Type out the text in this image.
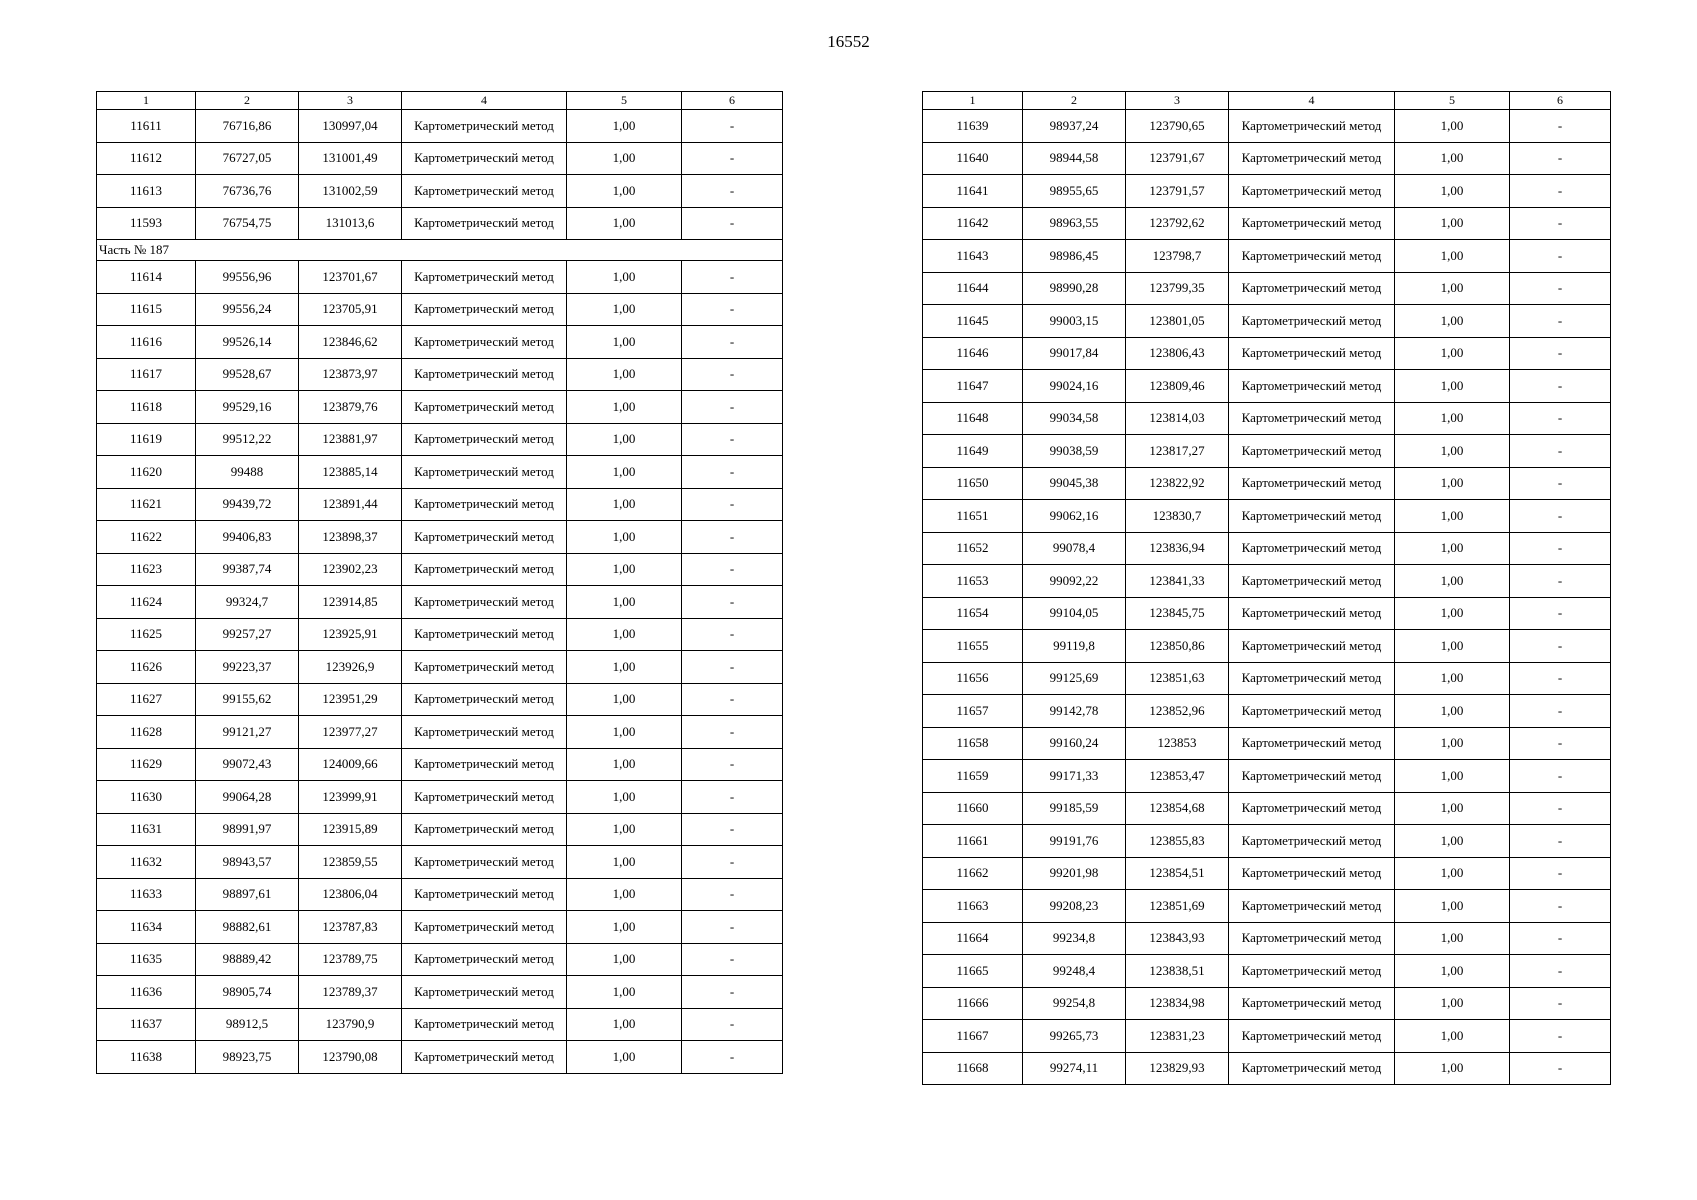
16552
1	2	3	4	5	6
11611	76716,86	130997,04	Картометрический метод	1,00	-
11612	76727,05	131001,49	Картометрический метод	1,00	-
11613	76736,76	131002,59	Картометрический метод	1,00	-
11593	76754,75	131013,6	Картометрический метод	1,00	-
Часть № 187					
11614	99556,96	123701,67	Картометрический метод	1,00	-
11615	99556,24	123705,91	Картометрический метод	1,00	-
11616	99526,14	123846,62	Картометрический метод	1,00	-
11617	99528,67	123873,97	Картометрический метод	1,00	-
11618	99529,16	123879,76	Картометрический метод	1,00	-
11619	99512,22	123881,97	Картометрический метод	1,00	-
11620	99488	123885,14	Картометрический метод	1,00	-
11621	99439,72	123891,44	Картометрический метод	1,00	-
11622	99406,83	123898,37	Картометрический метод	1,00	-
11623	99387,74	123902,23	Картометрический метод	1,00	-
11624	99324,7	123914,85	Картометрический метод	1,00	-
11625	99257,27	123925,91	Картометрический метод	1,00	-
11626	99223,37	123926,9	Картометрический метод	1,00	-
11627	99155,62	123951,29	Картометрический метод	1,00	-
11628	99121,27	123977,27	Картометрический метод	1,00	-
11629	99072,43	124009,66	Картометрический метод	1,00	-
11630	99064,28	123999,91	Картометрический метод	1,00	-
11631	98991,97	123915,89	Картометрический метод	1,00	-
11632	98943,57	123859,55	Картометрический метод	1,00	-
11633	98897,61	123806,04	Картометрический метод	1,00	-
11634	98882,61	123787,83	Картометрический метод	1,00	-
11635	98889,42	123789,75	Картометрический метод	1,00	-
11636	98905,74	123789,37	Картометрический метод	1,00	-
11637	98912,5	123790,9	Картометрический метод	1,00	-
11638	98923,75	123790,08	Картометрический метод	1,00	-
1	2	3	4	5	6
11639	98937,24	123790,65	Картометрический метод	1,00	-
11640	98944,58	123791,67	Картометрический метод	1,00	-
11641	98955,65	123791,57	Картометрический метод	1,00	-
11642	98963,55	123792,62	Картометрический метод	1,00	-
11643	98986,45	123798,7	Картометрический метод	1,00	-
11644	98990,28	123799,35	Картометрический метод	1,00	-
11645	99003,15	123801,05	Картометрический метод	1,00	-
11646	99017,84	123806,43	Картометрический метод	1,00	-
11647	99024,16	123809,46	Картометрический метод	1,00	-
11648	99034,58	123814,03	Картометрический метод	1,00	-
11649	99038,59	123817,27	Картометрический метод	1,00	-
11650	99045,38	123822,92	Картометрический метод	1,00	-
11651	99062,16	123830,7	Картометрический метод	1,00	-
11652	99078,4	123836,94	Картометрический метод	1,00	-
11653	99092,22	123841,33	Картометрический метод	1,00	-
11654	99104,05	123845,75	Картометрический метод	1,00	-
11655	99119,8	123850,86	Картометрический метод	1,00	-
11656	99125,69	123851,63	Картометрический метод	1,00	-
11657	99142,78	123852,96	Картометрический метод	1,00	-
11658	99160,24	123853	Картометрический метод	1,00	-
11659	99171,33	123853,47	Картометрический метод	1,00	-
11660	99185,59	123854,68	Картометрический метод	1,00	-
11661	99191,76	123855,83	Картометрический метод	1,00	-
11662	99201,98	123854,51	Картометрический метод	1,00	-
11663	99208,23	123851,69	Картометрический метод	1,00	-
11664	99234,8	123843,93	Картометрический метод	1,00	-
11665	99248,4	123838,51	Картометрический метод	1,00	-
11666	99254,8	123834,98	Картометрический метод	1,00	-
11667	99265,73	123831,23	Картометрический метод	1,00	-
11668	99274,11	123829,93	Картометрический метод	1,00	-
